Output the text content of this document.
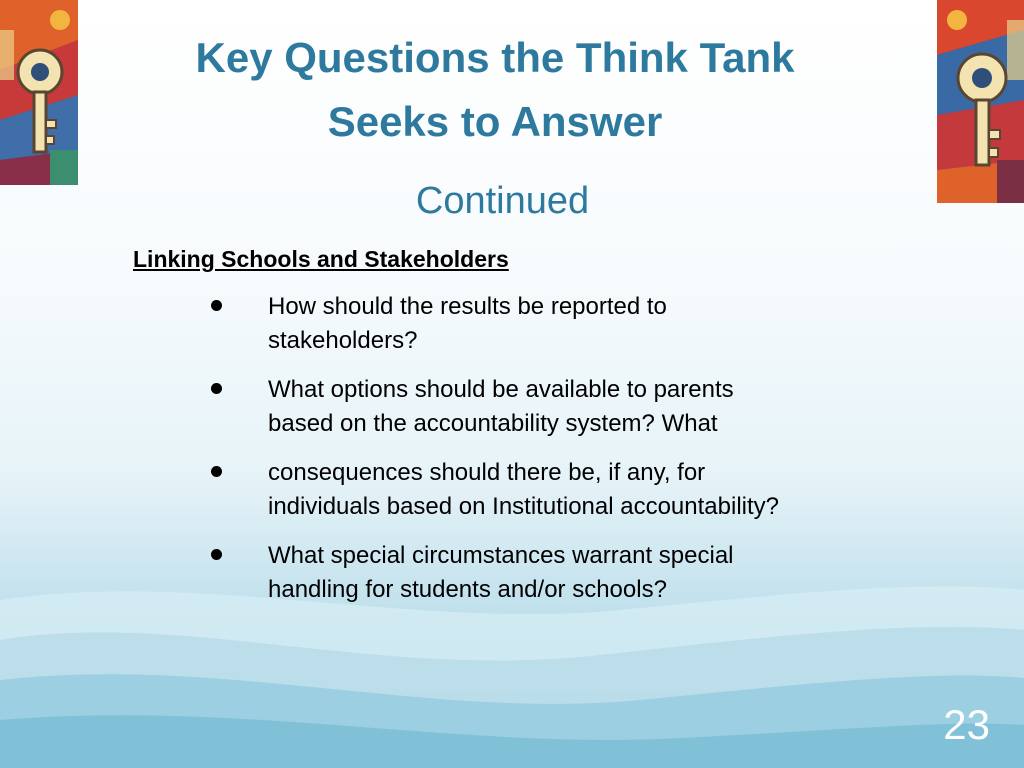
Key Questions the Think Tank
Seeks to Answer
Continued
Linking Schools and Stakeholders
How should the results be reported to
stakeholders?
What options should be available to parents
based on the accountability system? What
consequences should there be, if any, for
individuals based on Institutional accountability?
What special circumstances warrant special
handling for students and/or schools?
23
